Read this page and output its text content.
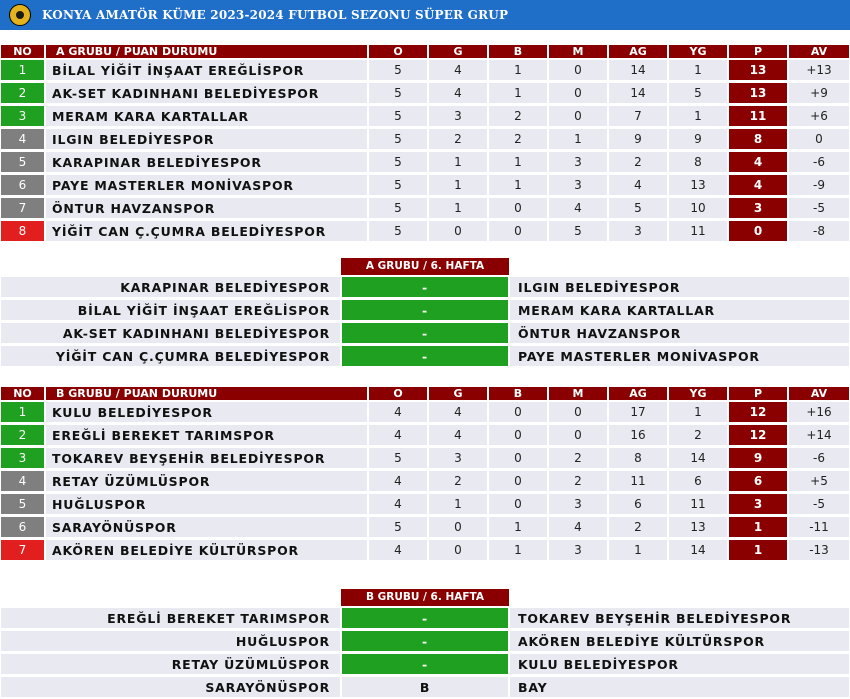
KONYA AMATÖR KÜME 2023-2024 FUTBOL SEZONU SÜPER GRUP
NO	A GRUBU / PUAN DURUMU	O	G	B	M	AG	YG	P	AV
1	BİLAL YİĞİT İNŞAAT EREĞLİSPOR	5	4	1	0	14	1	13	+13
2	AK-SET KADINHANI BELEDİYESPOR	5	4	1	0	14	5	13	+9
3	MERAM KARA KARTALLAR	5	3	2	0	7	1	11	+6
4	ILGIN BELEDİYESPOR	5	2	2	1	9	9	8	0
5	KARAPINAR BELEDİYESPOR	5	1	1	3	2	8	4	-6
6	PAYE MASTERLER MONİVASPOR	5	1	1	3	4	13	4	-9
7	ÖNTUR HAVZANSPOR	5	1	0	4	5	10	3	-5
8	YİĞİT CAN Ç.ÇUMRA BELEDİYESPOR	5	0	0	5	3	11	0	-8
A GRUBU / 6. HAFTA
KARAPINAR BELEDİYESPOR	-	ILGIN BELEDİYESPOR
BİLAL YİĞİT İNŞAAT EREĞLİSPOR	-	MERAM KARA KARTALLAR
AK-SET KADINHANI BELEDİYESPOR	-	ÖNTUR HAVZANSPOR
YİĞİT CAN Ç.ÇUMRA BELEDİYESPOR	-	PAYE MASTERLER MONİVASPOR
NO	B GRUBU / PUAN DURUMU	O	G	B	M	AG	YG	P	AV
1	KULU BELEDİYESPOR	4	4	0	0	17	1	12	+16
2	EREĞLİ BEREKET TARIMSPOR	4	4	0	0	16	2	12	+14
3	TOKAREV BEYŞEHİR BELEDİYESPOR	5	3	0	2	8	14	9	-6
4	RETAY ÜZÜMLÜSPOR	4	2	0	2	11	6	6	+5
5	HUĞLUSPOR	4	1	0	3	6	11	3	-5
6	SARAYÖNÜSPOR	5	0	1	4	2	13	1	-11
7	AKÖREN BELEDİYE KÜLTÜRSPOR	4	0	1	3	1	14	1	-13
B GRUBU / 6. HAFTA
EREĞLİ BEREKET TARIMSPOR	-	TOKAREV BEYŞEHİR BELEDİYESPOR
HUĞLUSPOR	-	AKÖREN BELEDİYE KÜLTÜRSPOR
RETAY ÜZÜMLÜSPOR	-	KULU BELEDİYESPOR
SARAYÖNÜSPOR	B	BAY
